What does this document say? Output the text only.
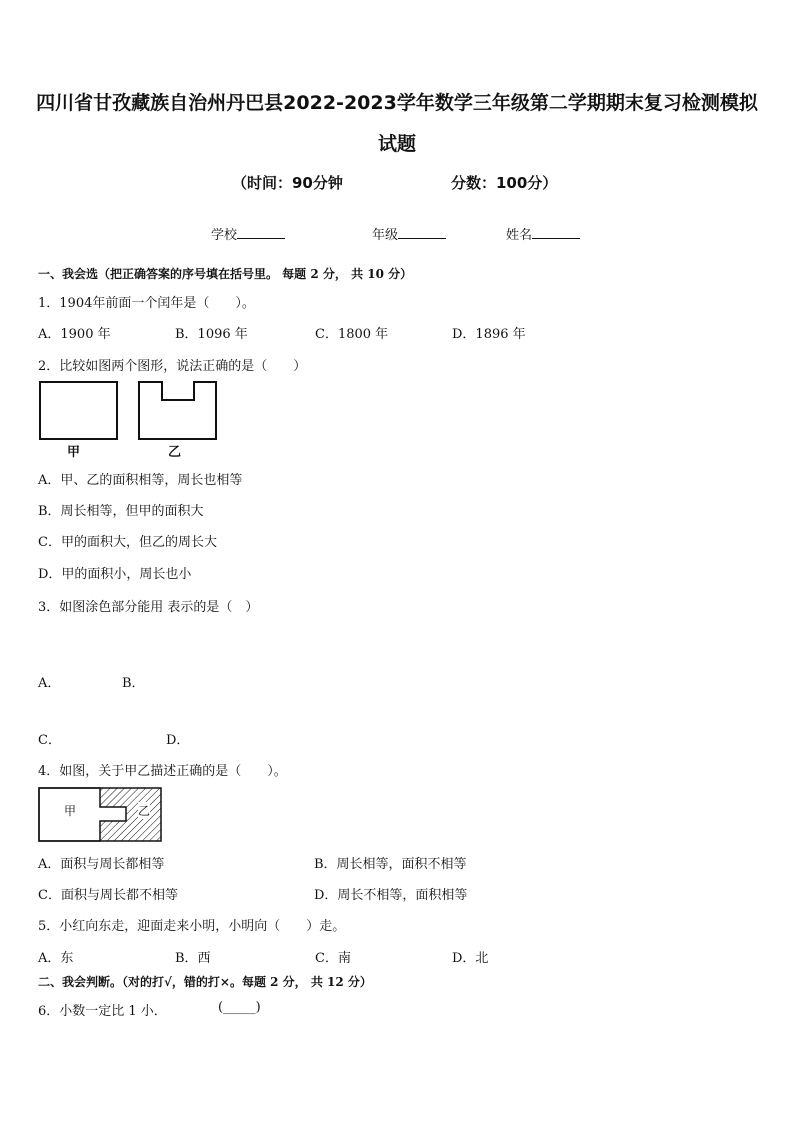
四川省甘孜藏族自治州丹巴县2022-2023学年数学三年级第二学期期末复习检测模拟
试题
（时间：90分钟	分数：100分）
学校	年级	姓名
一、我会选（把正确答案的序号填在括号里。 每题 2 分， 共 10 分）
1．1904年前面一个闰年是（　　）。
A．1900 年	B．1096 年	C．1800 年	D．1896 年
2．比较如图两个图形，说法正确的是（　　）
甲	乙
A．甲、乙的面积相等，周长也相等
B．周长相等，但甲的面积大
C．甲的面积大，但乙的周长大
D．甲的面积小，周长也小
3．如图涂色部分能用 表示的是（　）
A．	B．
C．	D．
4．如图，关于甲乙描述正确的是（　　）。
甲	乙
A．面积与周长都相等	B．周长相等，面积不相等
C．面积与周长都不相等	D．周长不相等，面积相等
5．小红向东走，迎面走来小明，小明向（　　）走。
A．东	B．西	C．南	D．北
二、我会判断。（对的打√，错的打×。每题 2 分， 共 12 分）
6．小数一定比 1 小．	(_____)
